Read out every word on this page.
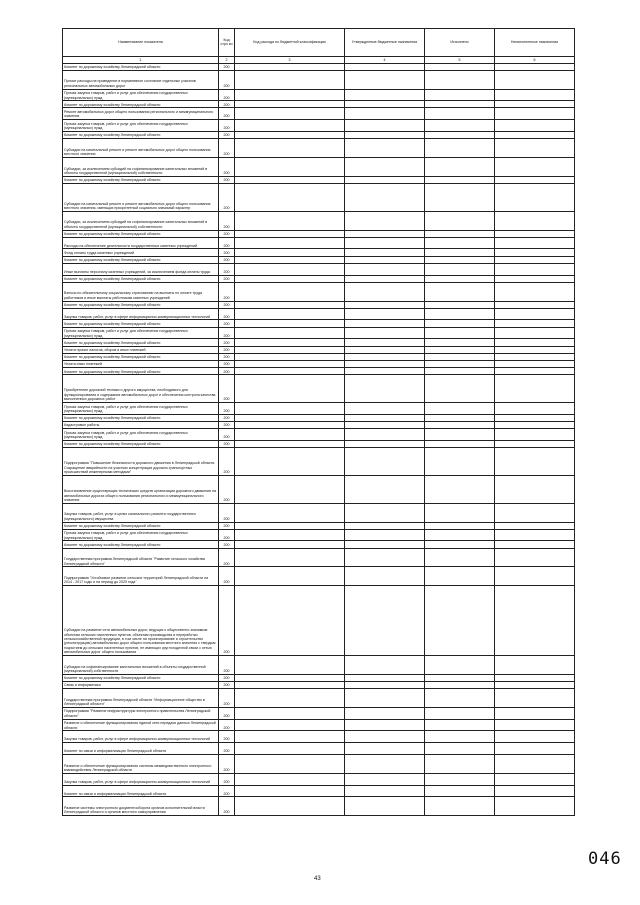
Наименование показателя	Код стро ки	Код расхода по бюджетной классификации	Утвержденные бюджетные назначения	Исполнено	Неисполненные назначения
1	2	3	4	5	6
Комитет по дорожному хозяйству Ленинградской области	200				
Прочие расходы на проведение в нормативное состояние отдельных участков региональных автомобильных дорог	200				
Прочая закупка товаров, работ и услуг для обеспечения государственных (муниципальных) нужд	200				
Комитет по дорожному хозяйству Ленинградской области	200				
Ремонт автомобильных дорог общего пользования регионального и межмуниципального значения	200				
Прочая закупка товаров, работ и услуг для обеспечения государственных (муниципальных) нужд	200				
Комитет по дорожному хозяйству Ленинградской области	200				
Субсидии на капитальный ремонт и ремонт автомобильных дорог общего пользования местного значения	200				
Субсидии, за исключением субсидий на софинансирование капитальных вложений в объекты государственной (муниципальной) собственности	200				
Комитет по дорожному хозяйству Ленинградской области	200				
Субсидии на капитальный ремонт и ремонт автомобильных дорог общего пользования местного значения, имеющих приоритетный социально значимый характер	200				
Субсидии, за исключением субсидий на софинансирование капитальных вложений в объекты государственной (муниципальной) собственности	200				
Комитет по дорожному хозяйству Ленинградской области	200				
Расходы на обеспечение деятельности государственных казенных учреждений	200				
Фонд оплаты труда казенных учреждений	200				
Комитет по дорожному хозяйству Ленинградской области	200				
Иные выплаты персоналу казенных учреждений, за исключением фонда оплаты труда	200				
Комитет по дорожному хозяйству Ленинградской области	200				
Взносы по обязательному социальному страхованию на выплаты по оплате труда работников и иные выплаты работникам казенных учреждений	200				
Комитет по дорожному хозяйству Ленинградской области	200				
Закупка товаров, работ, услуг в сфере информационно-коммуникационных технологий	200				
Комитет по дорожному хозяйству Ленинградской области	200				
Прочая закупка товаров, работ и услуг для обеспечения государственных (муниципальных) нужд	200				
Комитет по дорожному хозяйству Ленинградской области	200				
Уплата прочих налогов, сборов и иных платежей	200				
Комитет по дорожному хозяйству Ленинградской области	200				
Уплата иных платежей	200				
Комитет по дорожному хозяйству Ленинградской области	200				
Приобретение дорожной техники и другого имущества, необходимого для функционирования и содержания автомобильных дорог и обеспечения контроля качества выполненных дорожных работ	200				
Прочая закупка товаров, работ и услуг для обеспечения государственных (муниципальных) нужд	200				
Комитет по дорожному хозяйству Ленинградской области	200				
Кадастровые работы	200				
Прочая закупка товаров, работ и услуг для обеспечения государственных (муниципальных) нужд	200				
Комитет по дорожному хозяйству Ленинградской области	200				
Подпрограмма "Повышение безопасности дорожного движения в Ленинградской области. Сокращение аварийности на участках концентрации дорожно-транспортных происшествий инженерными методами"	200				
Восстановление существующих технических средств организации дорожного движения на автомобильных дорогах общего пользования регионального и межмуниципального значения	200				
Закупка товаров, работ, услуг в целях капитального ремонта государственного (муниципального) имущества	200				
Комитет по дорожному хозяйству Ленинградской области	200				
Прочая закупка товаров, работ и услуг для обеспечения государственных (муниципальных) нужд	200				
Комитет по дорожному хозяйству Ленинградской области	200				
Государственная программа Ленинградской области "Развитие сельского хозяйства Ленинградской области"	200				
Подпрограмма "Устойчивое развитие сельских территорий Ленинградской области на 2014 - 2017 годы и на период до 2020 года"	200				
Субсидии на развитие сети автомобильных дорог, ведущих к общественно значимым объектам сельских населенных пунктов, объектам производства и переработки сельскохозяйственной продукции, в том числе на проектирование и строительство (реконструкцию) автомобильных дорог общего пользования местного значения с твердым покрытием до сельских населенных пунктов, не имеющих круглогодичной связи с сетью автомобильных дорог общего пользования	200				
Субсидии на софинансирование капитальных вложений в объекты государственной (муниципальной) собственности	200				
Комитет по дорожному хозяйству Ленинградской области	200				
Связь и информатика	200				
Государственная программа Ленинградской области "Информационное общество в Ленинградской области"	200				
Подпрограмма "Развитие инфраструктуры электронного правительства Ленинградской области"	200				
Развитие и обеспечение функционирования единой сети передачи данных Ленинградской области	200				
Закупка товаров, работ, услуг в сфере информационно-коммуникационных технологий	200				
Комитет по связи и информатизации Ленинградской области	200				
Развитие и обеспечение функционирования системы межведомственного электронного взаимодействия Ленинградской области	200				
Закупка товаров, работ, услуг в сфере информационно-коммуникационных технологий	200				
Комитет по связи и информатизации Ленинградской области	200				
Развитие системы электронного документооборота органов исполнительной власти Ленинградской области и органов местного самоуправления	200				
43
046
